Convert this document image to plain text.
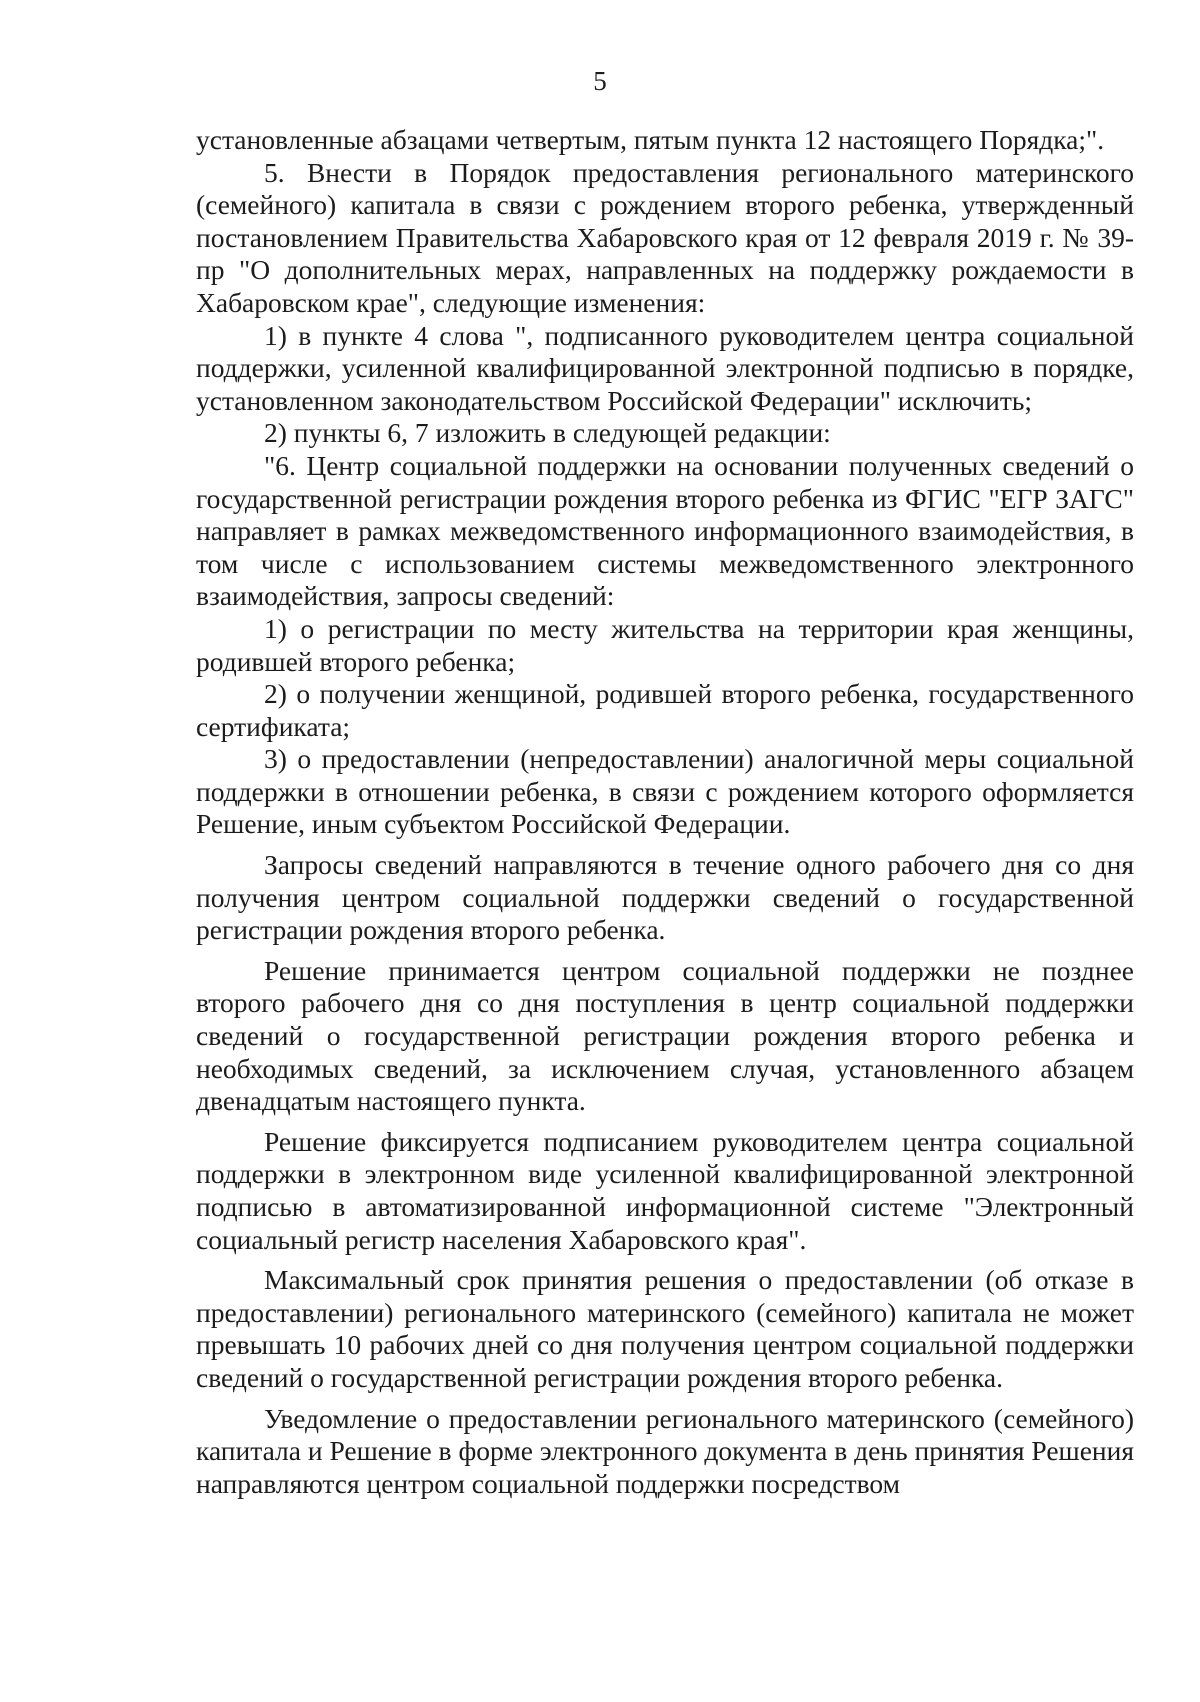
5

установленные абзацами четвертым, пятым пункта 12 настоящего Порядка;".

5. Внести в Порядок предоставления регионального материнского (семейного) капитала в связи с рождением второго ребенка, утвержденный постановлением Правительства Хабаровского края от 12 февраля 2019 г. № 39-пр "О дополнительных мерах, направленных на поддержку рождаемости в Хабаровском крае", следующие изменения:

1) в пункте 4 слова ", подписанного руководителем центра социальной поддержки, усиленной квалифицированной электронной подписью в порядке, установленном законодательством Российской Федерации" исключить;

2) пункты 6, 7 изложить в следующей редакции:

"6. Центр социальной поддержки на основании полученных сведений о государственной регистрации рождения второго ребенка из ФГИС "ЕГР ЗАГС" направляет в рамках межведомственного информационного взаимодействия, в том числе с использованием системы межведомственного электронного взаимодействия, запросы сведений:

1) о регистрации по месту жительства на территории края женщины, родившей второго ребенка;

2) о получении женщиной, родившей второго ребенка, государственного сертификата;

3) о предоставлении (непредоставлении) аналогичной меры социальной поддержки в отношении ребенка, в связи с рождением которого оформляется Решение, иным субъектом Российской Федерации.

Запросы сведений направляются в течение одного рабочего дня со дня получения центром социальной поддержки сведений о государственной регистрации рождения второго ребенка.

Решение принимается центром социальной поддержки не позднее второго рабочего дня со дня поступления в центр социальной поддержки сведений о государственной регистрации рождения второго ребенка и необходимых сведений, за исключением случая, установленного абзацем двенадцатым настоящего пункта.

Решение фиксируется подписанием руководителем центра социальной поддержки в электронном виде усиленной квалифицированной электронной подписью в автоматизированной информационной системе "Электронный социальный регистр населения Хабаровского края".

Максимальный срок принятия решения о предоставлении (об отказе в предоставлении) регионального материнского (семейного) капитала не может превышать 10 рабочих дней со дня получения центром социальной поддержки сведений о государственной регистрации рождения второго ребенка.

Уведомление о предоставлении регионального материнского (семейного) капитала и Решение в форме электронного документа в день принятия Решения направляются центром социальной поддержки посредством
